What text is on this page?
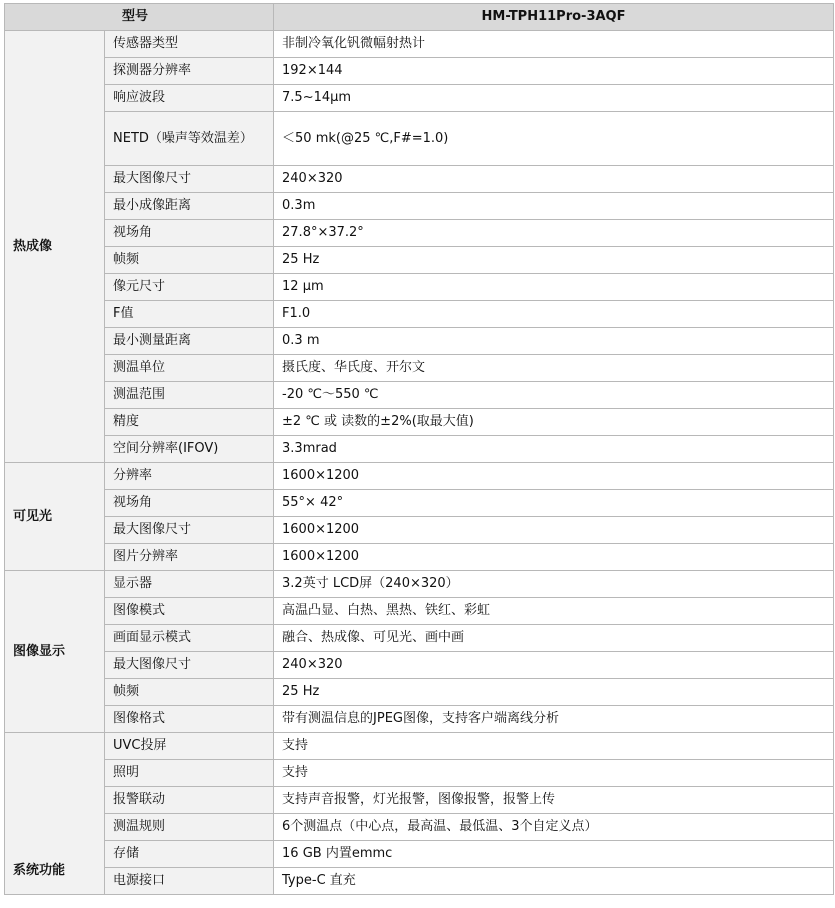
型号		HM-TPH11Pro-3AQF
热成像	传感器类型	非制冷氧化钒微幅射热计
	探测器分辨率	192×144
	响应波段	7.5~14μm
	NETD（噪声等效温差）	＜50 mk(@25 ℃,F#=1.0)
	最大图像尺寸	240×320
	最小成像距离	0.3m
	视场角	27.8°×37.2°
	帧频	25 Hz
	像元尺寸	12 μm
	F值	F1.0
	最小测量距离	0.3 m
	测温单位	摄氏度、华氏度、开尔文
	测温范围	-20 ℃～550 ℃
	精度	±2 ℃ 或 读数的±2%(取最大值)
	空间分辨率(IFOV)	3.3mrad
可见光	分辨率	1600×1200
	视场角	55°× 42°
	最大图像尺寸	1600×1200
	图片分辨率	1600×1200
图像显示	显示器	3.2英寸 LCD屏（240×320）
	图像模式	高温凸显、白热、黑热、铁红、彩虹
	画面显示模式	融合、热成像、可见光、画中画
	最大图像尺寸	240×320
	帧频	25 Hz
	图像格式	带有测温信息的JPEG图像，支持客户端离线分析
系统功能	UVC投屏	支持
	照明	支持
	报警联动	支持声音报警，灯光报警，图像报警，报警上传
	测温规则	6个测温点（中心点，最高温、最低温、3个自定义点）
	存储	16 GB 内置emmc
	电源接口	Type-C 直充
